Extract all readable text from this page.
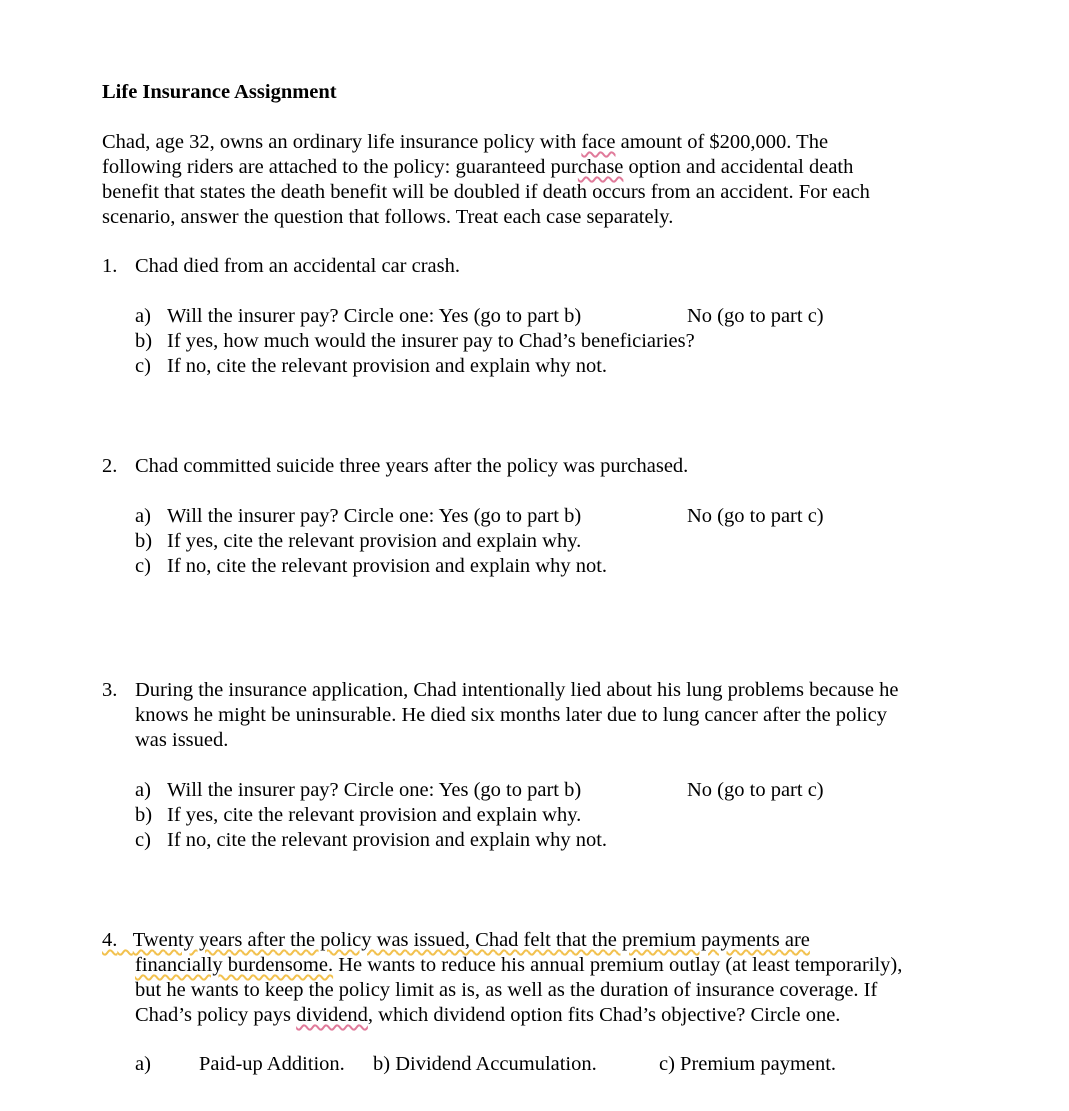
Life Insurance Assignment
Chad, age 32, owns an ordinary life insurance policy with face amount of $200,000. The
following riders are attached to the policy: guaranteed purchase option and accidental death
benefit that states the death benefit will be doubled if death occurs from an accident. For each
scenario, answer the question that follows. Treat each case separately.
1. Chad died from an accidental car crash.
a) Will the insurer pay? Circle one: Yes (go to part b)	No (go to part c)
b) If yes, how much would the insurer pay to Chad’s beneficiaries?
c) If no, cite the relevant provision and explain why not.
2. Chad committed suicide three years after the policy was purchased.
a) Will the insurer pay? Circle one: Yes (go to part b)	No (go to part c)
b) If yes, cite the relevant provision and explain why.
c) If no, cite the relevant provision and explain why not.
3. During the insurance application, Chad intentionally lied about his lung problems because he
knows he might be uninsurable. He died six months later due to lung cancer after the policy
was issued.
a) Will the insurer pay? Circle one: Yes (go to part b)	No (go to part c)
b) If yes, cite the relevant provision and explain why.
c) If no, cite the relevant provision and explain why not.
4. Twenty years after the policy was issued, Chad felt that the premium payments are
financially burdensome. He wants to reduce his annual premium outlay (at least temporarily),
but he wants to keep the policy limit as is, as well as the duration of insurance coverage. If
Chad’s policy pays dividend, which dividend option fits Chad’s objective? Circle one.
a) Paid-up Addition. b) Dividend Accumulation.	c) Premium payment.
